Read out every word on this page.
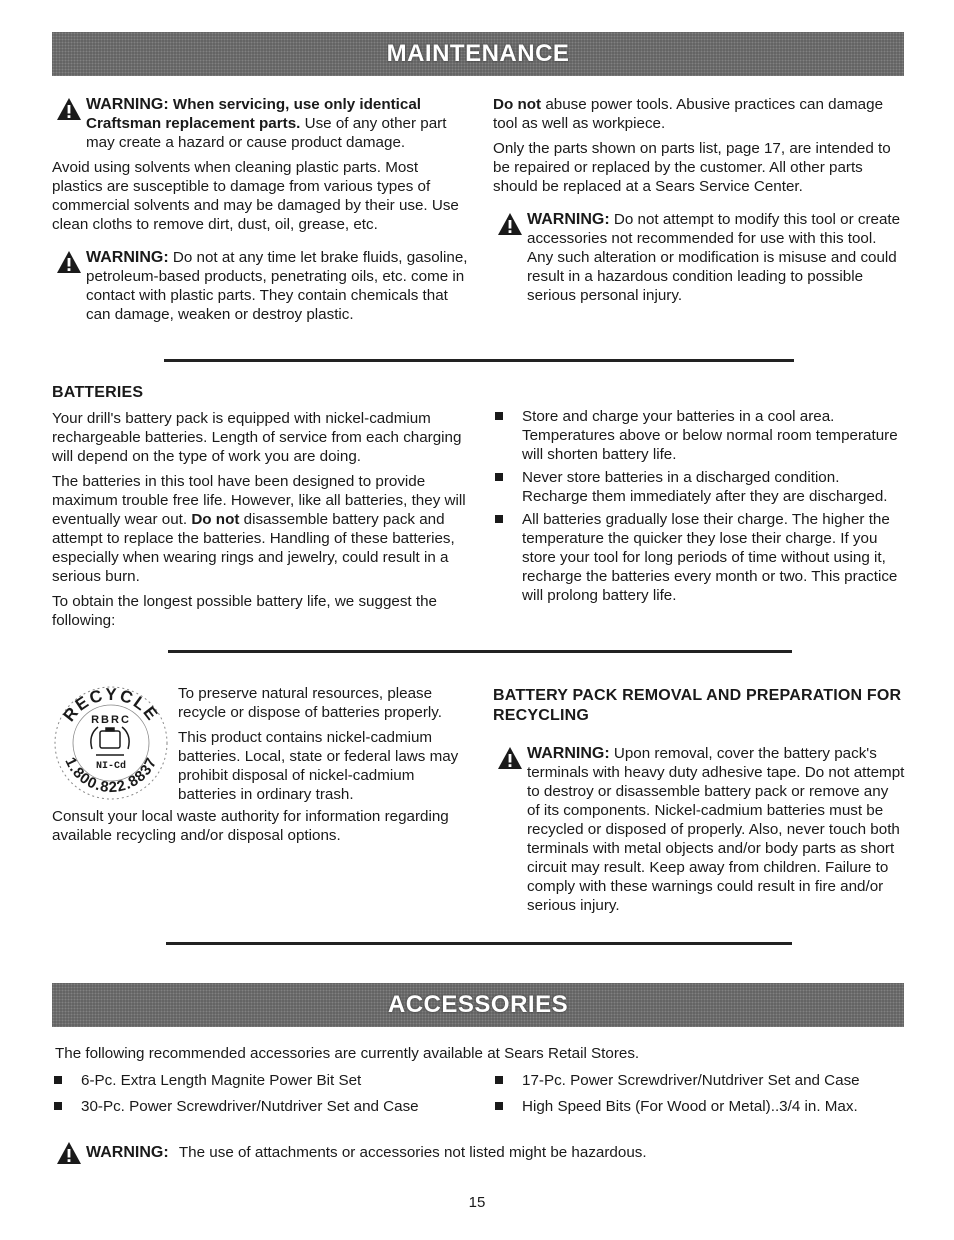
MAINTENANCE
WARNING: When servicing, use only identical Craftsman replacement parts. Use of any other part may create a hazard or cause product damage.

Avoid using solvents when cleaning plastic parts. Most plastics are susceptible to damage from various types of commercial solvents and may be damaged by their use. Use clean cloths to remove dirt, dust, oil, grease, etc.

WARNING: Do not at any time let brake fluids, gasoline, petroleum-based products, penetrating oils, etc. come in contact with plastic parts. They contain chemicals that can damage, weaken or destroy plastic.

Do not abuse power tools. Abusive practices can damage tool as well as workpiece.

Only the parts shown on parts list, page 17, are intended to be repaired or replaced by the customer. All other parts should be replaced at a Sears Service Center.

WARNING: Do not attempt to modify this tool or create accessories not recommended for use with this tool. Any such alteration or modification is misuse and could result in a hazardous condition leading to possible serious personal injury.
BATTERIES

Your drill's battery pack is equipped with nickel-cadmium rechargeable batteries. Length of service from each charging will depend on the type of work you are doing.

The batteries in this tool have been designed to provide maximum trouble free life. However, like all batteries, they will eventually wear out. Do not disassemble battery pack and attempt to replace the batteries. Handling of these batteries, especially when wearing rings and jewelry, could result in a serious burn.

To obtain the longest possible battery life, we suggest the following:

Store and charge your batteries in a cool area. Temperatures above or below normal room temperature will shorten battery life.
Never store batteries in a discharged condition. Recharge them immediately after they are discharged.
All batteries gradually lose their charge. The higher the temperature the quicker they lose their charge. If you store your tool for long periods of time without using it, recharge the batteries every month or two. This practice will prolong battery life.
RECYCLE
1.800.822.8837
RBRC
NI-Cd

To preserve natural resources, please recycle or dispose of batteries properly.

This product contains nickel-cadmium batteries. Local, state or federal laws may prohibit disposal of nickel-cadmium batteries in ordinary trash.

Consult your local waste authority for information regarding available recycling and/or disposal options.

BATTERY PACK REMOVAL AND PREPARATION FOR RECYCLING
WARNING: Upon removal, cover the battery pack's terminals with heavy duty adhesive tape. Do not attempt to destroy or disassemble battery pack or remove any of its components. Nickel-cadmium batteries must be recycled or disposed of properly. Also, never touch both terminals with metal objects and/or body parts as short circuit may result. Keep away from children. Failure to comply with these warnings could result in fire and/or serious injury.
ACCESSORIES

The following recommended accessories are currently available at Sears Retail Stores.

6-Pc. Extra Length Magnite Power Bit Set
30-Pc. Power Screwdriver/Nutdriver Set and Case
17-Pc. Power Screwdriver/Nutdriver Set and Case
High Speed Bits (For Wood or Metal)..3/4 in. Max.
WARNING: The use of attachments or accessories not listed might be hazardous.
15
